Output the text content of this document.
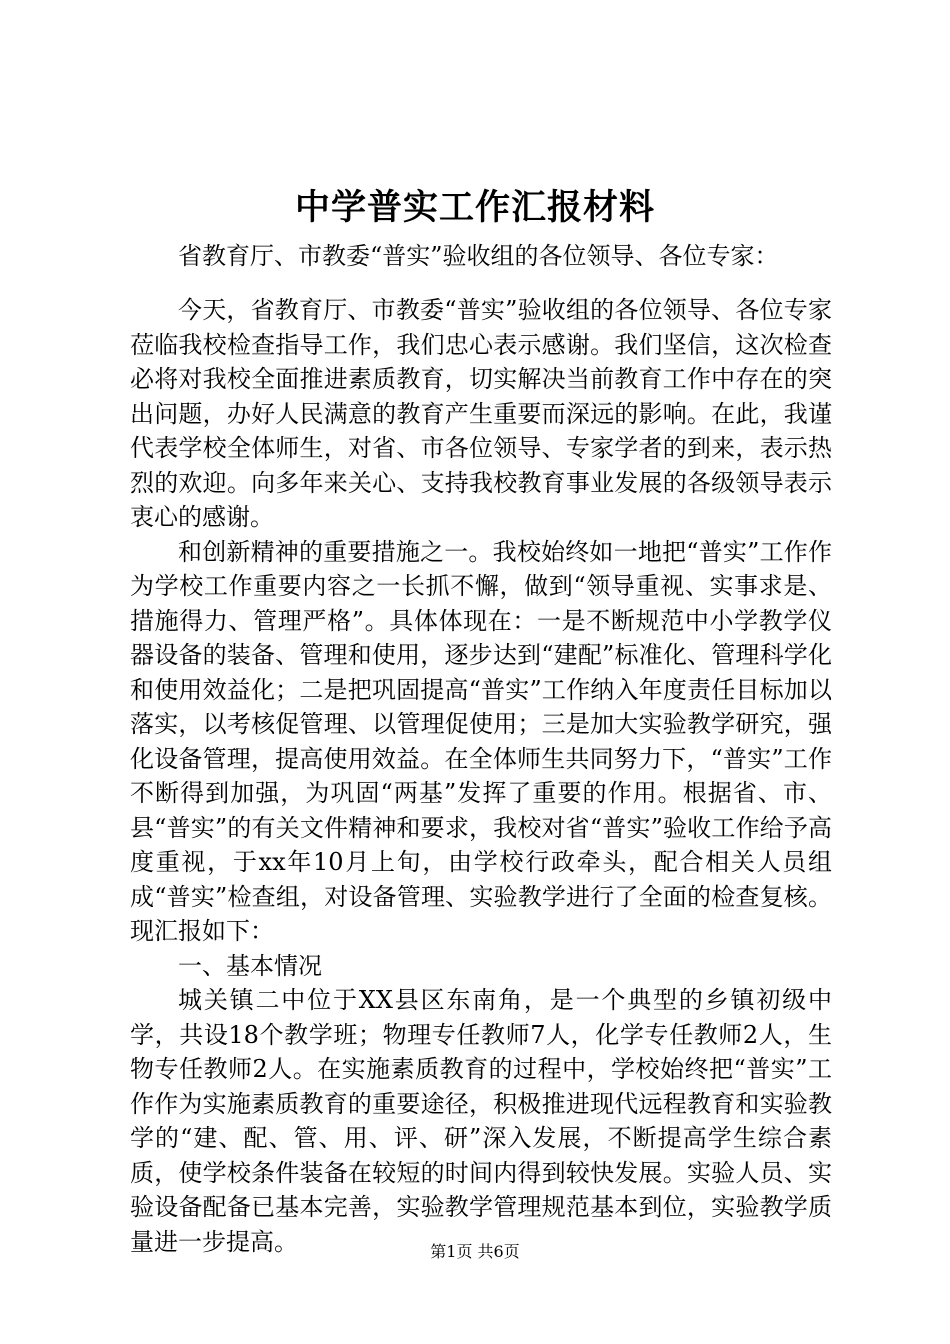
中学普实工作汇报材料
省教育厅、市教委“普实”验收组的各位领导、各位专家：

今天，省教育厅、市教委“普实”验收组的各位领导、各位专家莅临我校检查指导工作，我们忠心表示感谢。我们坚信，这次检查必将对我校全面推进素质教育，切实解决当前教育工作中存在的突出问题，办好人民满意的教育产生重要而深远的影响。在此，我谨代表学校全体师生，对省、市各位领导、专家学者的到来，表示热烈的欢迎。向多年来关心、支持我校教育事业发展的各级领导表示衷心的感谢。

和创新精神的重要措施之一。我校始终如一地把“普实”工作作为学校工作重要内容之一长抓不懈，做到“领导重视、实事求是、措施得力、管理严格”。具体体现在：一是不断规范中小学教学仪器设备的装备、管理和使用，逐步达到“建配”标准化、管理科学化和使用效益化；二是把巩固提高“普实”工作纳入年度责任目标加以落实，以考核促管理、以管理促使用；三是加大实验教学研究，强化设备管理，提高使用效益。在全体师生共同努力下，“普实”工作不断得到加强，为巩固“两基”发挥了重要的作用。根据省、市、县“普实”的有关文件精神和要求，我校对省“普实”验收工作给予高度重视，于xx年10月上旬，由学校行政牵头，配合相关人员组成“普实”检查组，对设备管理、实验教学进行了全面的检查复核。现汇报如下：

一、基本情况

城关镇二中位于XX县区东南角，是一个典型的乡镇初级中学，共设18个教学班；物理专任教师7人，化学专任教师2人，生物专任教师2人。在实施素质教育的过程中，学校始终把“普实”工作作为实施素质教育的重要途径，积极推进现代远程教育和实验教学的“建、配、管、用、评、研”深入发展，不断提高学生综合素质，使学校条件装备在较短的时间内得到较快发展。实验人员、实验设备配备已基本完善，实验教学管理规范基本到位，实验教学质量进一步提高。	第1页 共6页
